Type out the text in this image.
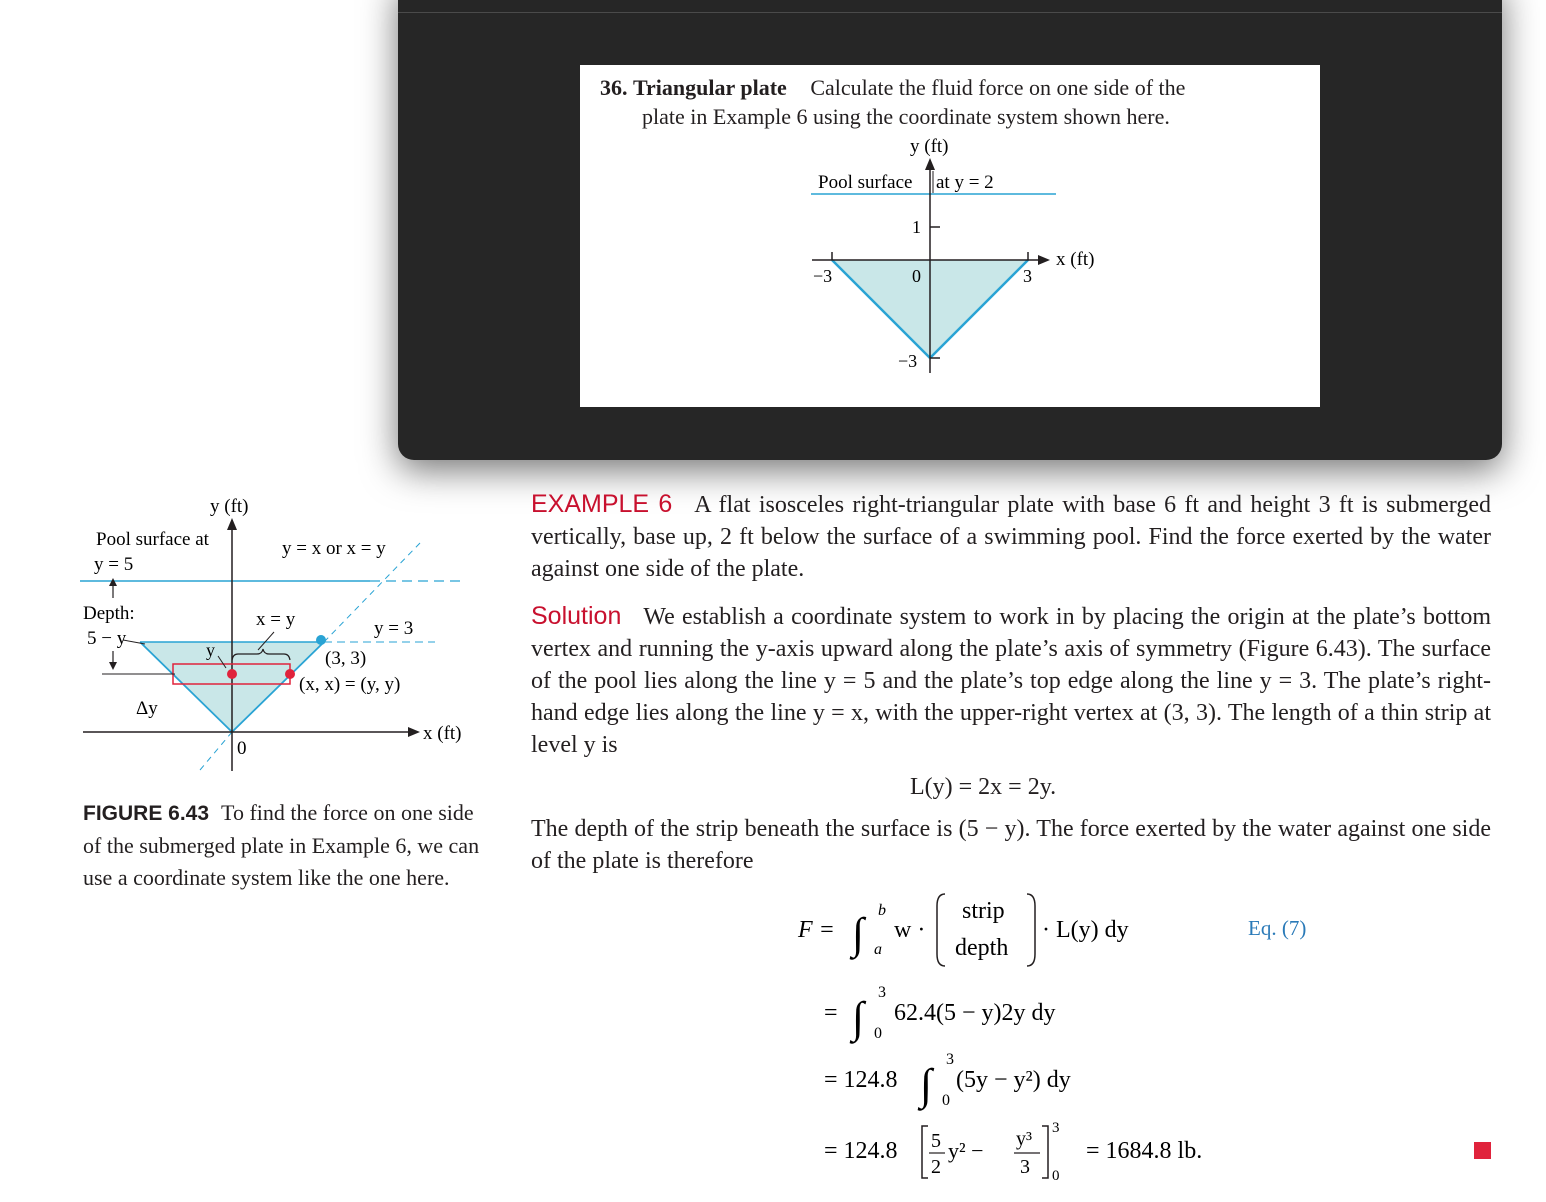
36. Triangular plate Calculate the fluid force on one side of the
plate in Example 6 using the coordinate system shown here.
y (ft)
Pool surface at y = 2
1
−3	0	3
x (ft)
−3
y (ft)
Pool surface at
y = 5
y = x or x = y
Depth:
5 − y
x = y	y = 3
y	(3, 3)
(x, x) = (y, y)
Δy
0
x (ft)
FIGURE 6.43 To find the force on one side of the submerged plate in Example 6, we can use a coordinate system like the one here.
EXAMPLE 6 A flat isosceles right-triangular plate with base 6 ft and height 3 ft is submerged vertically, base up, 2 ft below the surface of a swimming pool. Find the force exerted by the water against one side of the plate.
Solution We establish a coordinate system to work in by placing the origin at the plate’s bottom vertex and running the y-axis upward along the plate’s axis of symmetry (Figure 6.43). The surface of the pool lies along the line y = 5 and the plate’s top edge along the line y = 3. The plate’s right-hand edge lies along the line y = x, with the upper-right vertex at (3, 3). The length of a thin strip at level y is
L(y) = 2x = 2y.
The depth of the strip beneath the surface is (5 − y). The force exerted by the water against one side of the plate is therefore
F = ∫ b
a
w ·
strip
depth
· L(y) dy
= ∫
3
0
62.4(5 − y)2y dy
= 124.8 ∫
3
0
(5y − y²) dy
= 124.8 5
2
y² − y³
3
3
0
= 1684.8 lb.
Eq. (7)
